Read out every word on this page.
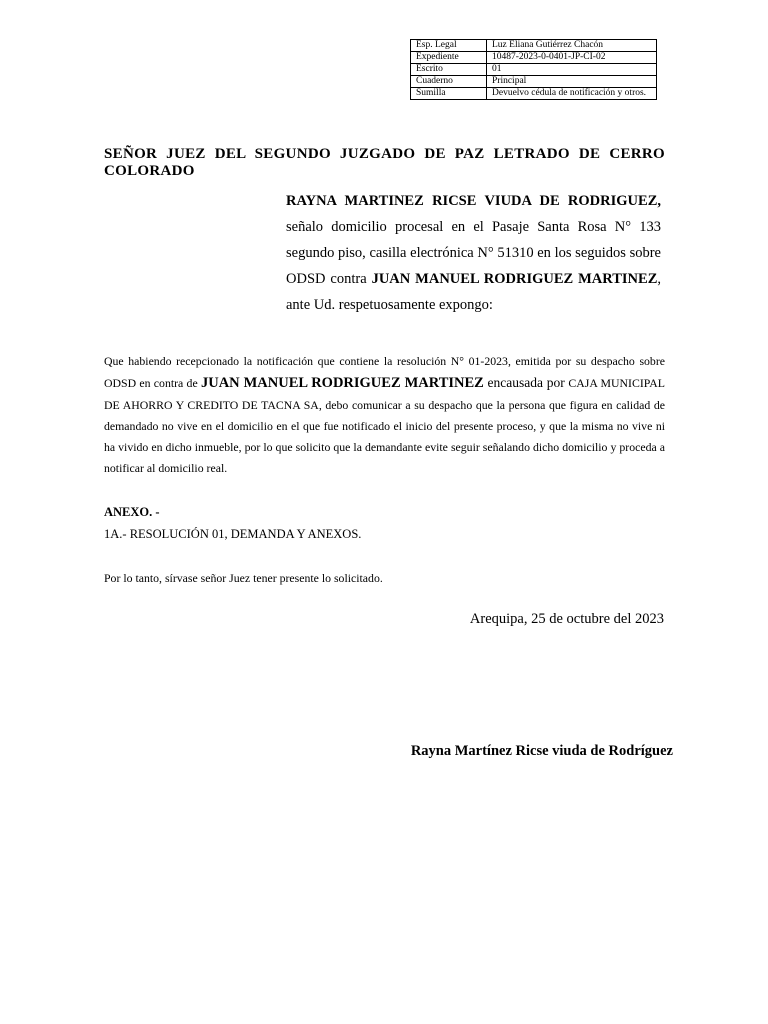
Esp. Legal	Luz Eliana Gutiérrez Chacón
Expediente	10487-2023-0-0401-JP-CI-02
Escrito	01
Cuaderno	Principal
Sumilla	Devuelvo cédula de notificación y otros.
SEÑOR JUEZ DEL SEGUNDO JUZGADO DE PAZ LETRADO DE CERRO COLORADO
RAYNA MARTINEZ RICSE VIUDA DE RODRIGUEZ, señalo domicilio procesal en el Pasaje Santa Rosa N° 133 segundo piso, casilla electrónica N° 51310 en los seguidos sobre ODSD contra JUAN MANUEL RODRIGUEZ MARTINEZ, ante Ud. respetuosamente expongo:
Que habiendo recepcionado la notificación que contiene la resolución N° 01-2023, emitida por su despacho sobre ODSD en contra de JUAN MANUEL RODRIGUEZ MARTINEZ encausada por CAJA MUNICIPAL DE AHORRO Y CREDITO DE TACNA SA, debo comunicar a su despacho que la persona que figura en calidad de demandado no vive en el domicilio en el que fue notificado el inicio del presente proceso, y que la misma no vive ni ha vivido en dicho inmueble, por lo que solicito que la demandante evite seguir señalando dicho domicilio y proceda a notificar al domicilio real.
ANEXO. -
1A.- RESOLUCIÓN 01, DEMANDA Y ANEXOS.
Por lo tanto, sírvase señor Juez tener presente lo solicitado.
Arequipa, 25 de octubre del 2023
Rayna Martínez Ricse viuda de Rodríguez
